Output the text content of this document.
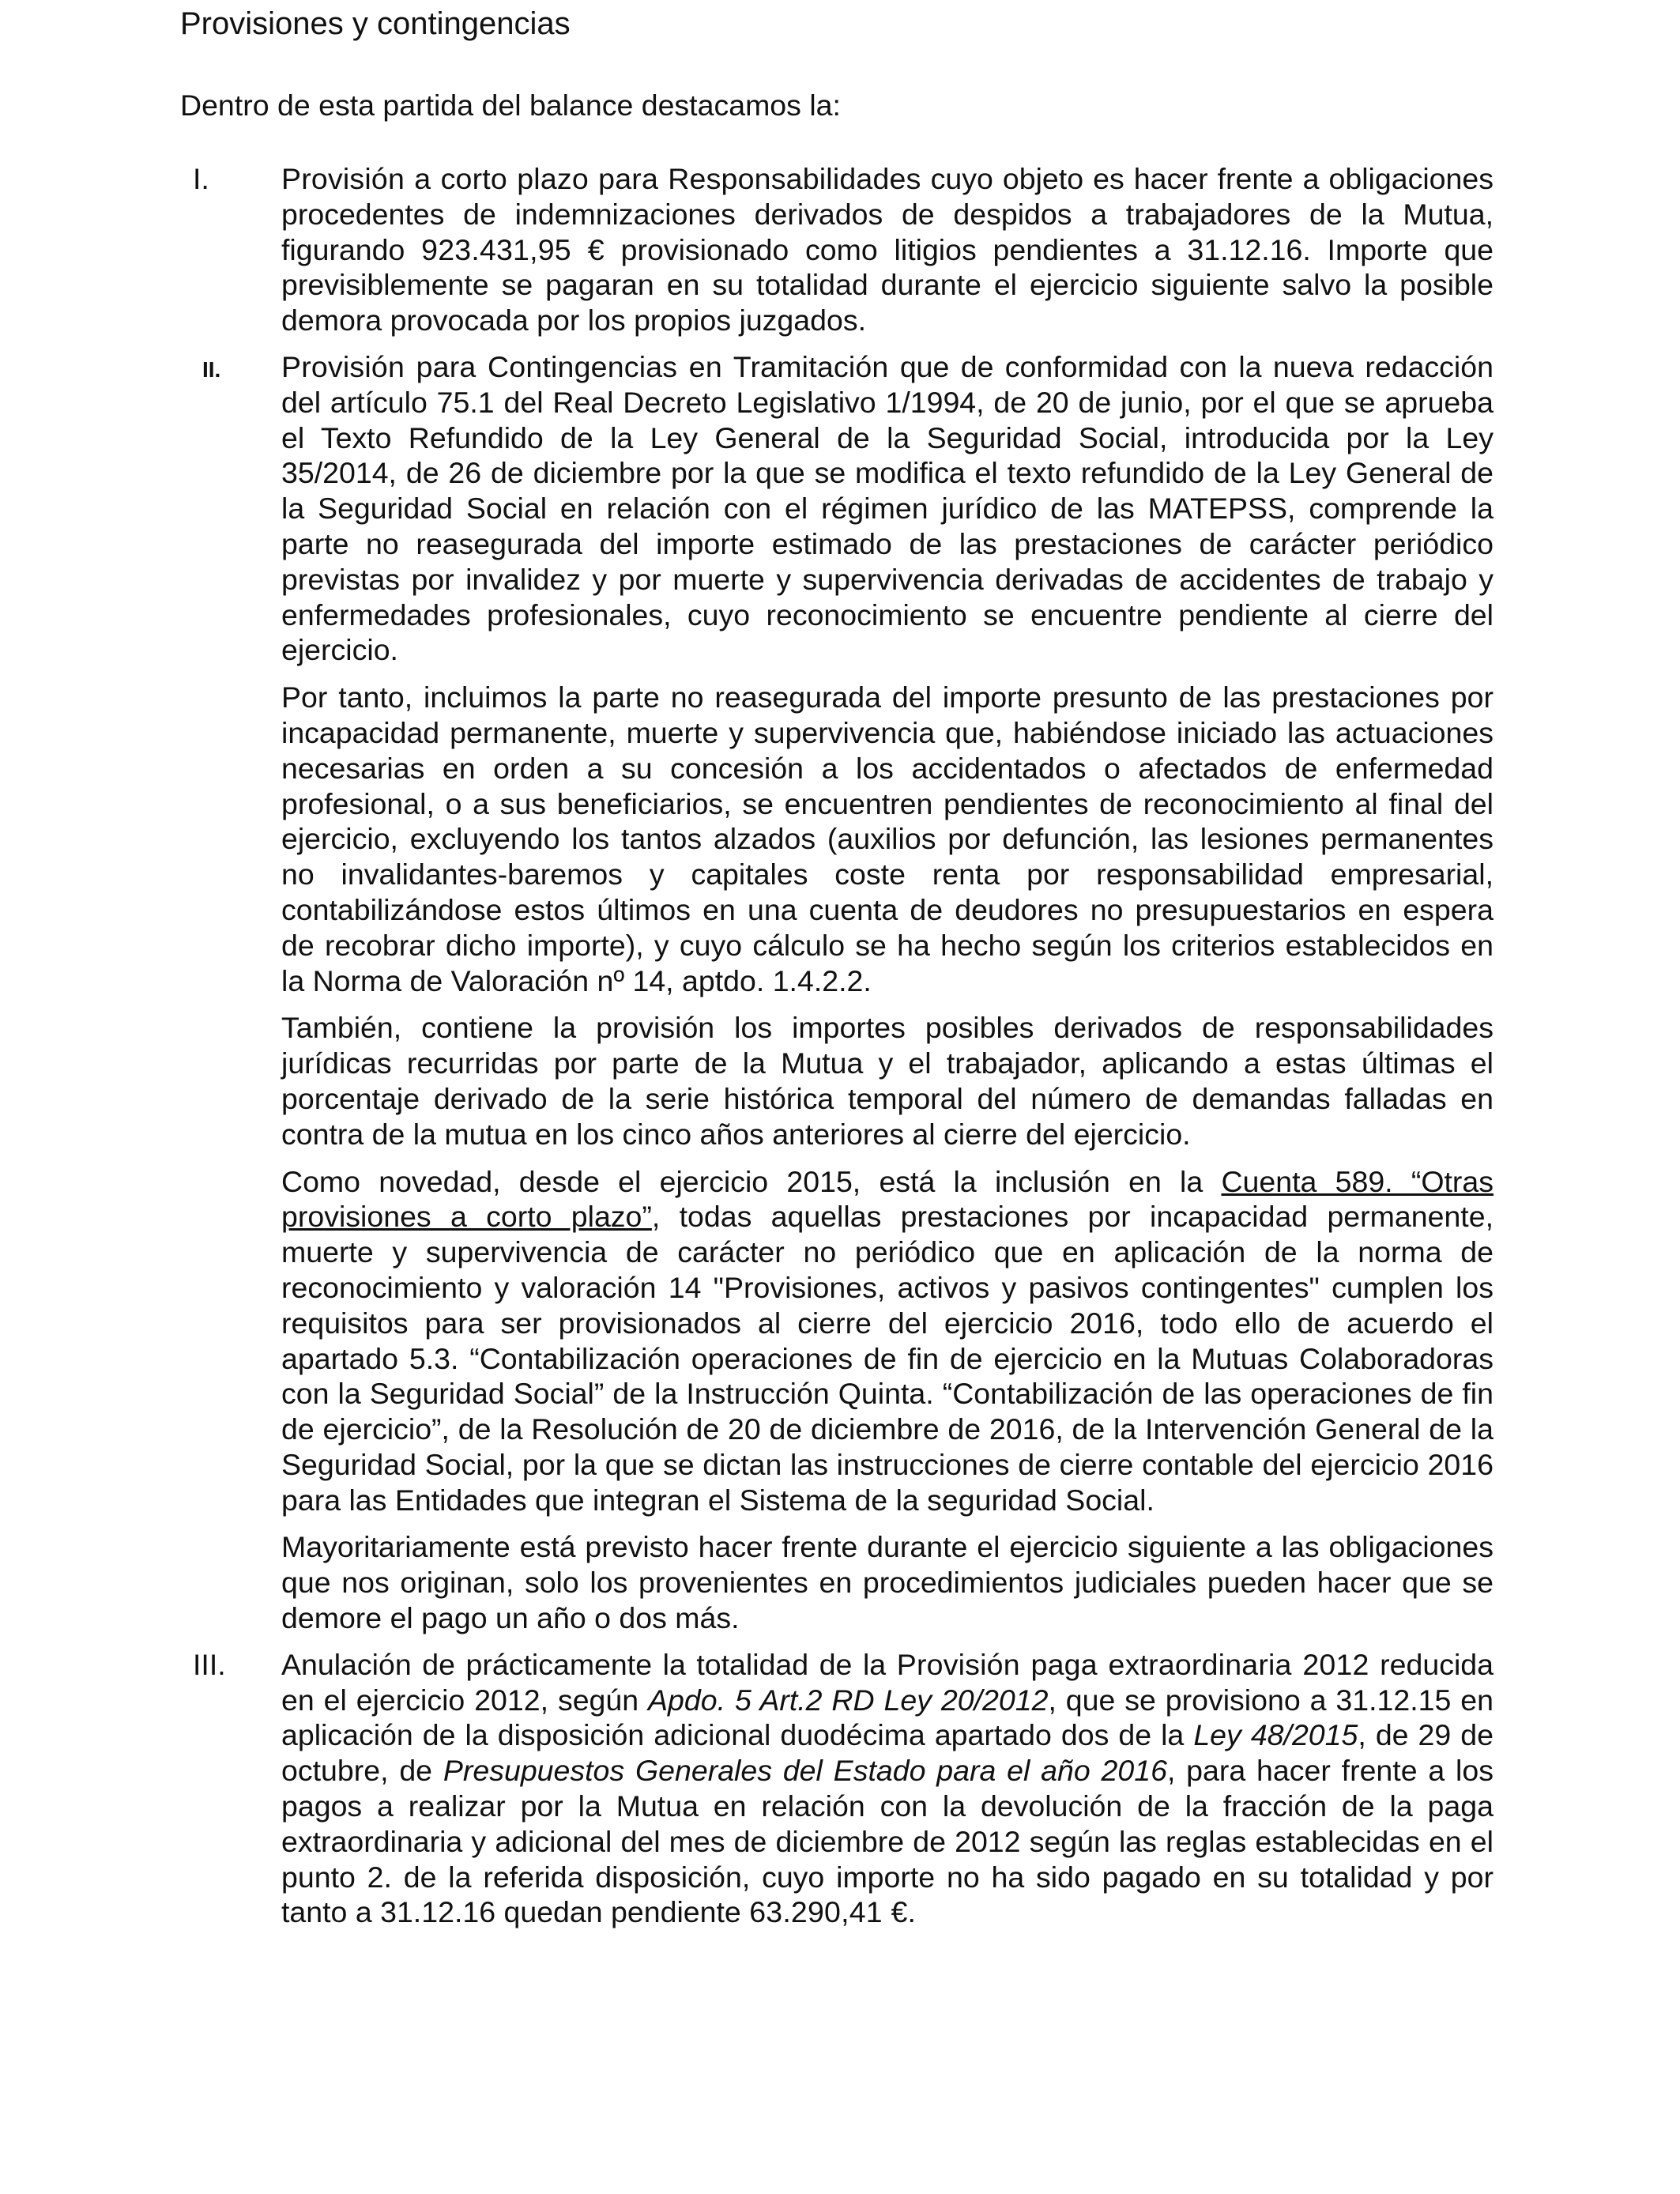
Provisiones y contingencias
Dentro de esta partida del balance destacamos la:
I. Provisión a corto plazo para Responsabilidades cuyo objeto es hacer frente a obligaciones procedentes de indemnizaciones derivados de despidos a trabajadores de la Mutua, figurando 923.431,95 € provisionado como litigios pendientes a 31.12.16. Importe que previsiblemente se pagaran en su totalidad durante el ejercicio siguiente salvo la posible demora provocada por los propios juzgados.

II. Provisión para Contingencias en Tramitación que de conformidad con la nueva redacción del artículo 75.1 del Real Decreto Legislativo 1/1994, de 20 de junio, por el que se aprueba el Texto Refundido de la Ley General de la Seguridad Social, introducida por la Ley 35/2014, de 26 de diciembre por la que se modifica el texto refundido de la Ley General de la Seguridad Social en relación con el régimen jurídico de las MATEPSS, comprende la parte no reasegurada del importe estimado de las prestaciones de carácter periódico previstas por invalidez y por muerte y supervivencia derivadas de accidentes de trabajo y enfermedades profesionales, cuyo reconocimiento se encuentre pendiente al cierre del ejercicio.

Por tanto, incluimos la parte no reasegurada del importe presunto de las prestaciones por incapacidad permanente, muerte y supervivencia que, habiéndose iniciado las actuaciones necesarias en orden a su concesión a los accidentados o afectados de enfermedad profesional, o a sus beneficiarios, se encuentren pendientes de reconocimiento al final del ejercicio, excluyendo los tantos alzados (auxilios por defunción, las lesiones permanentes no invalidantes-baremos y capitales coste renta por responsabilidad empresarial, contabilizándose estos últimos en una cuenta de deudores no presupuestarios en espera de recobrar dicho importe), y cuyo cálculo se ha hecho según los criterios establecidos en la Norma de Valoración nº 14, aptdo. 1.4.2.2.

También, contiene la provisión los importes posibles derivados de responsabilidades jurídicas recurridas por parte de la Mutua y el trabajador, aplicando a estas últimas el porcentaje derivado de la serie histórica temporal del número de demandas falladas en contra de la mutua en los cinco años anteriores al cierre del ejercicio.

Como novedad, desde el ejercicio 2015, está la inclusión en la Cuenta 589. “Otras provisiones a corto plazo”, todas aquellas prestaciones por incapacidad permanente, muerte y supervivencia de carácter no periódico que en aplicación de la norma de reconocimiento y valoración 14 "Provisiones, activos y pasivos contingentes" cumplen los requisitos para ser provisionados al cierre del ejercicio 2016, todo ello de acuerdo el apartado 5.3. “Contabilización operaciones de fin de ejercicio en la Mutuas Colaboradoras con la Seguridad Social” de la Instrucción Quinta. “Contabilización de las operaciones de fin de ejercicio”, de la Resolución de 20 de diciembre de 2016, de la Intervención General de la Seguridad Social, por la que se dictan las instrucciones de cierre contable del ejercicio 2016 para las Entidades que integran el Sistema de la seguridad Social.

Mayoritariamente está previsto hacer frente durante el ejercicio siguiente a las obligaciones que nos originan, solo los provenientes en procedimientos judiciales pueden hacer que se demore el pago un año o dos más.

III. Anulación de prácticamente la totalidad de la Provisión paga extraordinaria 2012 reducida en el ejercicio 2012, según Apdo. 5 Art.2 RD Ley 20/2012, que se provisiono a 31.12.15 en aplicación de la disposición adicional duodécima apartado dos de la Ley 48/2015, de 29 de octubre, de Presupuestos Generales del Estado para el año 2016, para hacer frente a los pagos a realizar por la Mutua en relación con la devolución de la fracción de la paga extraordinaria y adicional del mes de diciembre de 2012 según las reglas establecidas en el punto 2. de la referida disposición, cuyo importe no ha sido pagado en su totalidad y por tanto a 31.12.16 quedan pendiente 63.290,41 €.
